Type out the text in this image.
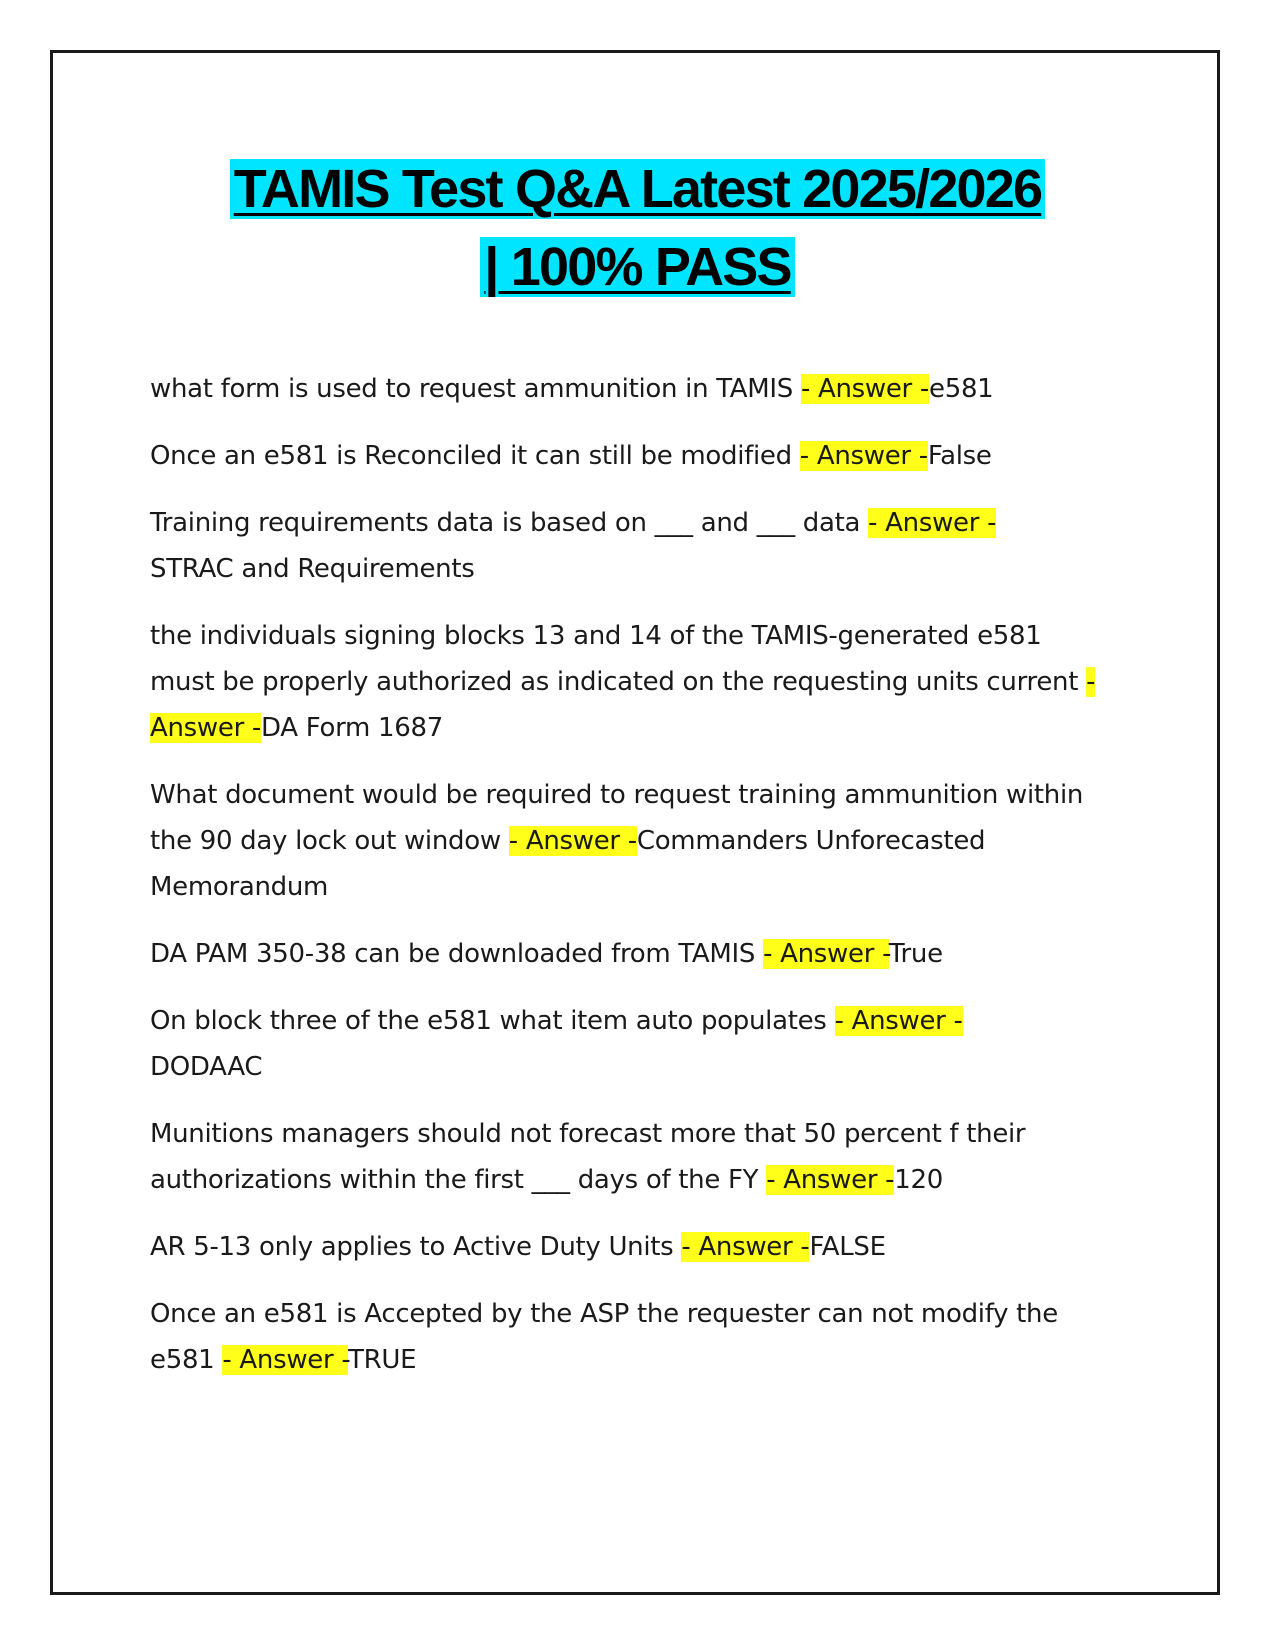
TAMIS Test Q&A Latest 2025/2026
| 100% PASS

what form is used to request ammunition in TAMIS - Answer -e581

Once an e581 is Reconciled it can still be modified - Answer -False

Training requirements data is based on ___ and ___ data - Answer -
STRAC and Requirements

the individuals signing blocks 13 and 14 of the TAMIS-generated e581 must be properly authorized as indicated on the requesting units current - Answer -DA Form 1687

What document would be required to request training ammunition within the 90 day lock out window - Answer -Commanders Unforecasted Memorandum

DA PAM 350-38 can be downloaded from TAMIS - Answer -True

On block three of the e581 what item auto populates - Answer -
DODAAC

Munitions managers should not forecast more that 50 percent f their authorizations within the first ___ days of the FY - Answer -120

AR 5-13 only applies to Active Duty Units - Answer -FALSE

Once an e581 is Accepted by the ASP the requester can not modify the e581 - Answer -TRUE
